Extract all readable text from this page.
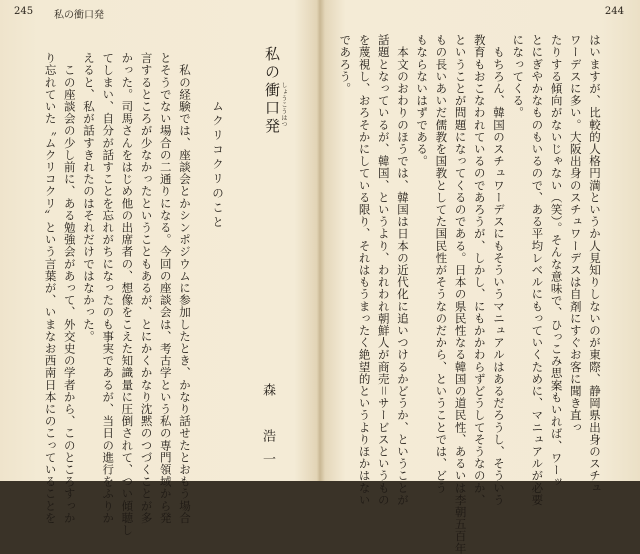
245 私の衝口発	244
はいますが、比較的人格円満というか人見知りしないのが東際、静岡県出身のスチュ
ワーデスに多い。大阪出身のスチュワーデスは自剤にすぐお客に聞き直っ
たりする傾向がないじゃない（笑）。そんな意味で、ひっこみ思案もいれば、ワーッ
とにぎやかなものもいるので、ある平均レベルにもっていくために、マニュアルが必要
になってくる。
　もちろん、韓国のスチュワーデスにもそういうマニュアルはあるだろうし、そういう
教育もおこなわれているのであろうが、しかし、にもかかわらずどうしてそうなのか、
ということが問題になってくるのである。日本の県民性なる韓国の道民性、あるいは李朝五百年
もの長いあいだ儒教を国教としてた国民性がそうなのだから、ということでは、どう
もならないはずである。
　本文のおわりのほうでは、韓国は日本の近代化に追いつけるかどうか、ということが
話題となっているが、韓国、というより、われわれ朝鮮人が商売＝サービスというもの
を蔑視し、おろそかにしている限り、それはもうまったく絶望的というよりほかはない
であろう。
私の衝口発 しょうこうはつ
ムクリコクリのこと
森　浩一
　私の経験では、座談会とかシンポジウムに参加したとき、かなり話せたとおもう場合
とそうでない場合の二通りになる。今回の座談会は、考古学という私の専門領域から発
言するところが少なかったということもあるが、とにかくかなり沈黙のつづくことが多
かった。司馬さんをはじめ他の出席者の、想像をこえた知識量に圧倒されて、つい傾聴し
てしまい、自分が話すことを忘れがちになったのも事実であるが、当日の進行をふりか
えると、私が話すきれたのはそれだけではなかった。
　この座談会の少し前に、ある勉強会があって、外交史の学者から、このところすっか
り忘れていた〝ムクリコクリ〟という言葉が、いまなお西南日本にのこっていることを
